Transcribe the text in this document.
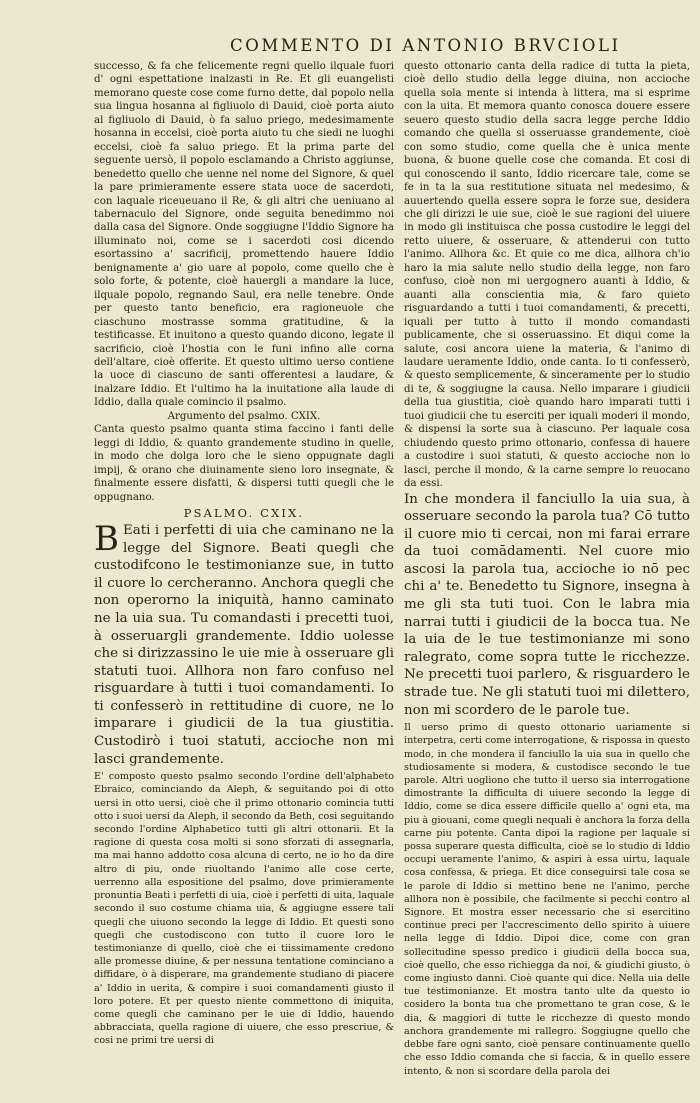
COMMENTO DI ANTONIO BRVCIOLI

successo, & fa che felicemente regni quello ilquale fuori d' ogni espettatione inalzasti in Re. Et gli euangelisti memorano queste cose come furno dette, dal popolo nella sua lingua hosanna al figliuolo di Dauid, cioè porta aiuto al figliuolo di Dauid, ò fa saluo priego, medesimamente hosanna in eccelsi, cioè porta aiuto tu che siedi ne luoghi eccelsi, cioè fa saluo priego. Et la prima parte del seguente uersò, il popolo esclamando a Christo aggiunse, benedetto quello che uenne nel nome del Signore, & quel la pare primieramente essere stata uoce de sacerdoti, con laquale riceueuano il Re, & gli altri che ueniuano al tabernaculo del Signore, onde seguita benedimmo noi dalla casa del Signore. Onde soggiugne l'Iddio Signore ha illuminato noi, come se i sacerdoti cosi dicendo esortassino a' sacrificij, promettendo hauere Iddio benignamente a' gio uare al popolo, come quello che è solo forte, & potente, cioè hauergli a mandare la luce, ilquale popolo, regnando Saul, era nelle tenebre. Onde per questo tanto beneficio, era ragioneuole che ciaschuno mostrasse somma gratitudine, & la testificasse. Et inuitono a questo quando dicono, legate il sacrificio, cioè l'hostia con le funi infino alle corna dell'altare, cioè offerite. Et questo ultimo uerso contiene la uoce di ciascuno de santi offerentesi a laudare, & inalzare Iddio. Et l'ultimo ha la inuitatione alla laude di Iddio, dalla quale comincio il psalmo.

Argumento del psalmo. CXIX.

Canta questo psalmo quanta stima faccino i fanti delle leggi di Iddio, & quanto grandemente studino in quelle, in modo che dolga loro che le sieno oppugnate dagli impij, & orano che diuinamente sieno loro insegnate, & finalmente essere disfatti, & dispersi tutti quegli che le oppugnano.

PSALMO. CXIX.

B Eati i perfetti di uia che caminano ne la legge del Signore. Beati quegli che custodifcono le testimonianze sue, in tutto il cuore lo cercheranno. Anchora quegli che non operorno la iniquità, hanno caminato ne la uia sua. Tu comandasti i precetti tuoi, à osseruargli grandemente. Iddio uolesse che si dirizzassino le uie mie à osseruare gli statuti tuoi. Allhora non faro confuso nel risguardare à tutti i tuoi comandamenti. Io ti confesserò in rettitudine di cuore, ne lo imparare i giudicii de la tua giustitia. Custodirò i tuoi statuti, accioche non mi lasci grandemente.

E' composto questo psalmo secondo l'ordine dell'alphabeto Ebraico, cominciando da Aleph, & seguitando poi di otto uersi in otto uersi, cioè che il primo ottonario comincia tutti otto i suoi uersi da Aleph, il secondo da Beth, cosi seguitando secondo l'ordine Alphabetico tutti gli altri ottonarii. Et la ragione di questa cosa molti si sono sforzati di assegnarla, ma mai hanno addotto cosa alcuna di certo, ne io ho da dire altro di piu, onde riuoltando l'animo alle cose certe, uerrenno alla espositione del psalmo, dove primieramente pronuntia Beati i perfetti di uia, cioè i perfetti di uita, laquale secondo il suo costume chiama uia, & aggiugne essere tali quegli che uiuono secondo la legge di Iddio. Et questi sono quegli che custodiscono con tutto il cuore loro le testimonianze di quello, cioè che ei tiissimamente credono alle promesse diuine, & per nessuna tentatione cominciano a diffidare, ò à disperare, ma grandemente studiano di piacere a' Iddio in uerita, & compire i suoi comandamenti giusto il loro potere. Et per questo niente commettono di iniquita, come quegli che caminano per le uie di Iddio, hauendo abbracciata, quella ragione di uiuere, che esso prescriue, & cosi ne primi tre uersi di

questo ottonario canta della radice di tutta la pieta, cioè dello studio della legge diuina, non accioche quella sola mente si intenda à littera, ma si esprime con la uita. Et memora quanto conosca douere essere seuero questo studio della sacra legge perche Iddio comando che quella si osseruasse grandemente, cioè con somo studio, come quella che è unica mente buona, & buone quelle cose che comanda. Et cosi di qui conoscendo il santo, Iddio ricercare tale, come se fe in ta la sua restitutione situata nel medesimo, & auuertendo quella essere sopra le forze sue, desidera che gli dirizzi le uie sue, cioè le sue ragioni del uiuere in modo gli instituisca che possa custodire le leggi del retto uiuere, & osseruare, & attenderui con tutto l'animo. Allhora &c. Et quie co me dica, allhora ch'io haro la mia salute nello studio della legge, non faro confuso, cioè non mi uergognero auanti à Iddio, & auanti alla conscientia mia, & faro quieto risguardando a tutti i tuoi comandamenti, & precetti, iquali per tutto à tutto il mondo comandasti publicamente, che si osseruassino. Et diqui come la salute, cosi ancora uiene la materia, & l'animo di laudare ueramente Iddio, onde canta. Io ti confesserò, & questo semplicemente, & sinceramente per lo studio di te, & soggiugne la causa. Nello imparare i giudicii della tua giustitia, cioè quando haro imparati tutti i tuoi giudicii che tu eserciti per iquali moderi il mondo, & dispensi la sorte sua à ciascuno. Per laquale cosa chiudendo questo primo ottonario, confessa di hauere a custodire i suoi statuti, & questo accioche non lo lasci, perche il mondo, & la carne sempre lo reuocano da essi.

In che mondera il fanciullo la uia sua, à osseruare secondo la parola tua? Cō tutto il cuore mio ti cercai, non mi farai errare da tuoi comādamenti. Nel cuore mio ascosi la parola tua, accioche io nō pec chi a' te. Benedetto tu Signore, insegna à me gli sta tuti tuoi. Con le labra mia narrai tutti i giudicii de la bocca tua. Ne la uia de le tue testimonianze mi sono ralegrato, come sopra tutte le ricchezze. Ne precetti tuoi parlero, & risguardero le strade tue. Ne gli statuti tuoi mi dilettero, non mi scordero de le parole tue.

Il uerso primo di questo ottonario uariamente si interpetra, certi come interrogatione, & rispossa in questo modo, in che mondera il fanciullo la uia sua in quello che studiosamente si modera, & custodisce secondo le tue parole. Altri uogliono che tutto il uerso sia interrogatione dimostrante la difficulta di uiuere secondo la legge di Iddio, come se dica essere difficile quello a' ogni eta, ma piu à giouani, come quegli nequali è anchora la forza della carne piu potente. Canta dipoi la ragione per laquale si possa superare questa difficulta, cioè se lo studio di Iddio occupi ueramente l'animo, & aspiri à essa uirtu, laquale cosa confessa, & priega. Et dice conseguirsi tale cosa se le parole di Iddio si mettino bene ne l'animo, perche allhora non è possibile, che facilmente si pecchi contro al Signore. Et mostra esser necessario che si esercitino continue preci per l'accrescimento dello spirito à uiuere nella legge di Iddio. Dipoi dice, come con gran sollecitudine spesso predico i giudicii della bocca sua, cioè quello, che esso richiegga da noi, & giudichi giusto, ò come ingiusto danni. Cioè quante qui dice. Nella uia delle tue testimonianze. Et mostra tanto ulte da questo io cosidero la bonta tua che promettano te gran cose, & le dia, & maggiori di tutte le ricchezze di questo mondo anchora grandemente mi rallegro. Soggiugne quello che debbe fare ogni santo, cioè pensare continuamente quello che esso Iddio comanda che si faccia, & in quello essere intento, & non si scordare della parola dei
